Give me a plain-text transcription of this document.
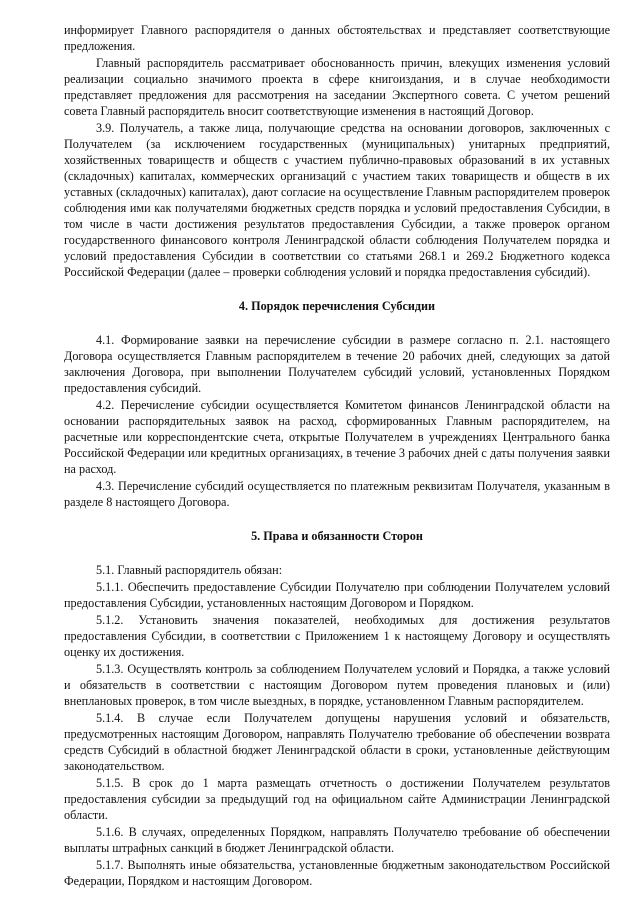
информирует Главного распорядителя о данных обстоятельствах и представляет соответствующие предложения.

Главный распорядитель рассматривает обоснованность причин, влекущих изменения условий реализации социально значимого проекта в сфере книгоиздания, и в случае необходимости представляет предложения для рассмотрения на заседании Экспертного совета. С учетом решений совета Главный распорядитель вносит соответствующие изменения в настоящий Договор.

3.9. Получатель, а также лица, получающие средства на основании договоров, заключенных с Получателем (за исключением государственных (муниципальных) унитарных предприятий, хозяйственных товариществ и обществ с участием публично-правовых образований в их уставных (складочных) капиталах, коммерческих организаций с участием таких товариществ и обществ в их уставных (складочных) капиталах), дают согласие на осуществление Главным распорядителем проверок соблюдения ими как получателями бюджетных средств порядка и условий предоставления Субсидии, в том числе в части достижения результатов предоставления Субсидии, а также проверок органом государственного финансового контроля Ленинградской области соблюдения Получателем порядка и условий предоставления Субсидии в соответствии со статьями 268.1 и 269.2 Бюджетного кодекса Российской Федерации (далее – проверки соблюдения условий и порядка предоставления субсидий).

4. Порядок перечисления Субсидии

4.1. Формирование заявки на перечисление субсидии в размере согласно п. 2.1. настоящего Договора осуществляется Главным распорядителем в течение 20 рабочих дней, следующих за датой заключения Договора, при выполнении Получателем субсидий условий, установленных Порядком предоставления субсидий.

4.2. Перечисление субсидии осуществляется Комитетом финансов Ленинградской области на основании распорядительных заявок на расход, сформированных Главным распорядителем, на расчетные или корреспондентские счета, открытые Получателем в учреждениях Центрального банка Российской Федерации или кредитных организациях, в течение 3 рабочих дней с даты получения заявки на расход.

4.3. Перечисление субсидий осуществляется по платежным реквизитам Получателя, указанным в разделе 8 настоящего Договора.

5. Права и обязанности Сторон

5.1. Главный распорядитель обязан:

5.1.1. Обеспечить предоставление Субсидии Получателю при соблюдении Получателем условий предоставления Субсидии, установленных настоящим Договором и Порядком.

5.1.2. Установить значения показателей, необходимых для достижения результатов предоставления Субсидии, в соответствии с Приложением 1 к настоящему Договору и осуществлять оценку их достижения.

5.1.3. Осуществлять контроль за соблюдением Получателем условий и Порядка, а также условий и обязательств в соответствии с настоящим Договором путем проведения плановых и (или) внеплановых проверок, в том числе выездных, в порядке, установленном Главным распорядителем.

5.1.4. В случае если Получателем допущены нарушения условий и обязательств, предусмотренных настоящим Договором, направлять Получателю требование об обеспечении возврата средств Субсидий в областной бюджет Ленинградской области в сроки, установленные действующим законодательством.

5.1.5. В срок до 1 марта размещать отчетность о достижении Получателем результатов предоставления субсидии за предыдущий год на официальном сайте Администрации Ленинградской области.

5.1.6. В случаях, определенных Порядком, направлять Получателю требование об обеспечении выплаты штрафных санкций в бюджет Ленинградской области.

5.1.7. Выполнять иные обязательства, установленные бюджетным законодательством Российской Федерации, Порядком и настоящим Договором.
